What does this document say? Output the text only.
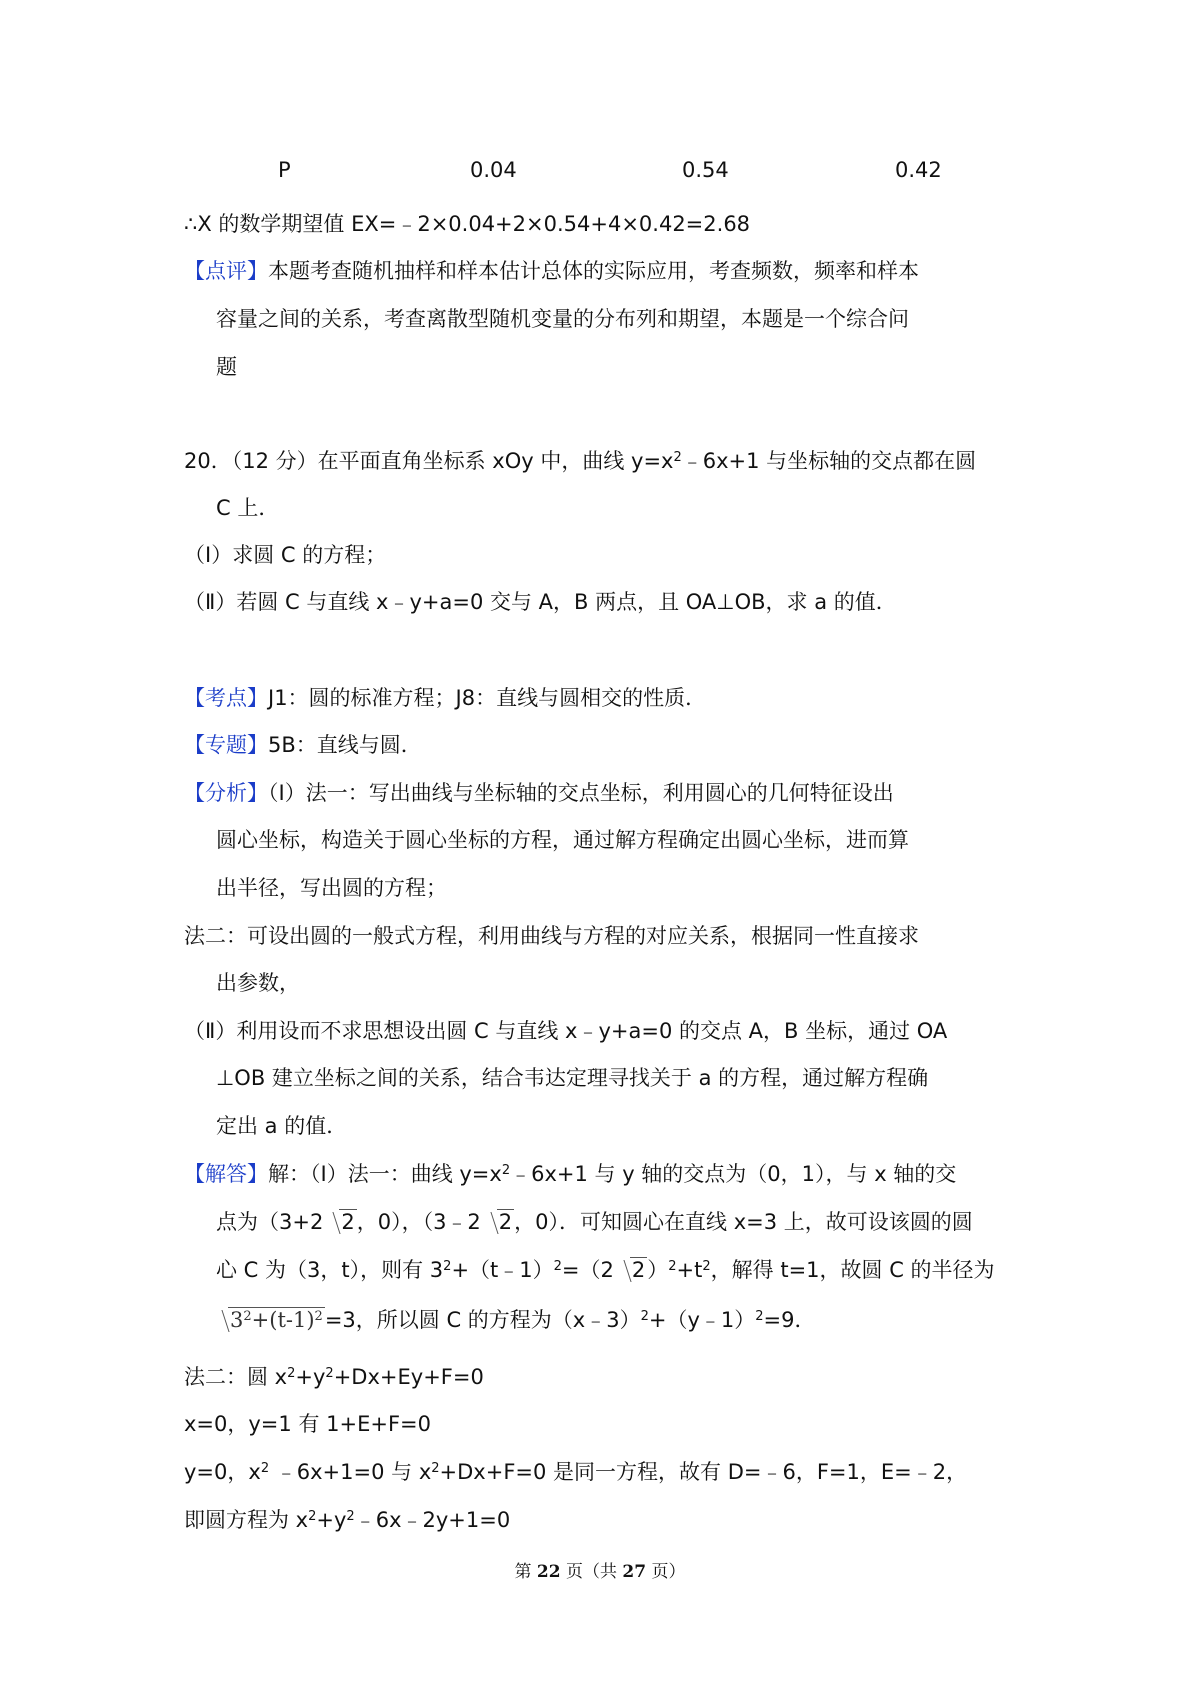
P	0.04	0.54	0.42
∴X 的数学期望值 EX=﹣2×0.04+2×0.54+4×0.42=2.68
【点评】本题考查随机抽样和样本估计总体的实际应用，考查频数，频率和样本
容量之间的关系，考查离散型随机变量的分布列和期望，本题是一个综合问
题
20．（12 分）在平面直角坐标系 xOy 中，曲线 $y=x^2﹣6x+1$ 与坐标轴的交点都在圆
C 上．
（Ⅰ）求圆 C 的方程；
（Ⅱ）若圆 C 与直线 x﹣y+a=0 交与 A，B 两点，且 OA⊥OB，求 a 的值．
【考点】J1：圆的标准方程；J8：直线与圆相交的性质．
【专题】5B：直线与圆．
【分析】（Ⅰ）法一：写出曲线与坐标轴的交点坐标，利用圆心的几何特征设出
圆心坐标，构造关于圆心坐标的方程，通过解方程确定出圆心坐标，进而算
出半径，写出圆的方程；
法二：可设出圆的一般式方程，利用曲线与方程的对应关系，根据同一性直接求
出参数，
（Ⅱ）利用设而不求思想设出圆 C 与直线 x﹣y+a=0 的交点 A，B 坐标，通过 OA
⊥OB 建立坐标之间的关系，结合韦达定理寻找关于 a 的方程，通过解方程确
定出 a 的值．
【解答】解：（Ⅰ）法一：曲线 $y=x^2﹣6x+1$ 与 y 轴的交点为（0，1），与 x 轴的交
点为（3+2 2，0），（3﹣2 2，0）．可知圆心在直线 x=3 上，故可设该圆的圆
心 C 为（3，t），则有 $3^2+(t﹣1)^2=(2$ $2)^2+t^2$，解得 t=1，故圆 C 的半径为
$3^2+(t-1)^2=3$，所以圆 C 的方程为（x﹣3）$^2$+（y﹣1）$^2$=9．
法二：圆 $x^2+y^2+Dx+Ey+F=0$
x=0，y=1 有 1+E+F=0
y=0，$x^2$ ﹣6x+1=0 与 $x^2+Dx+F=0$ 是同一方程，故有 D=﹣6，F=1，E=﹣2，
即圆方程为 $x^2+y^2﹣6x﹣2y+1=0$
第 22 页（共 27 页）
